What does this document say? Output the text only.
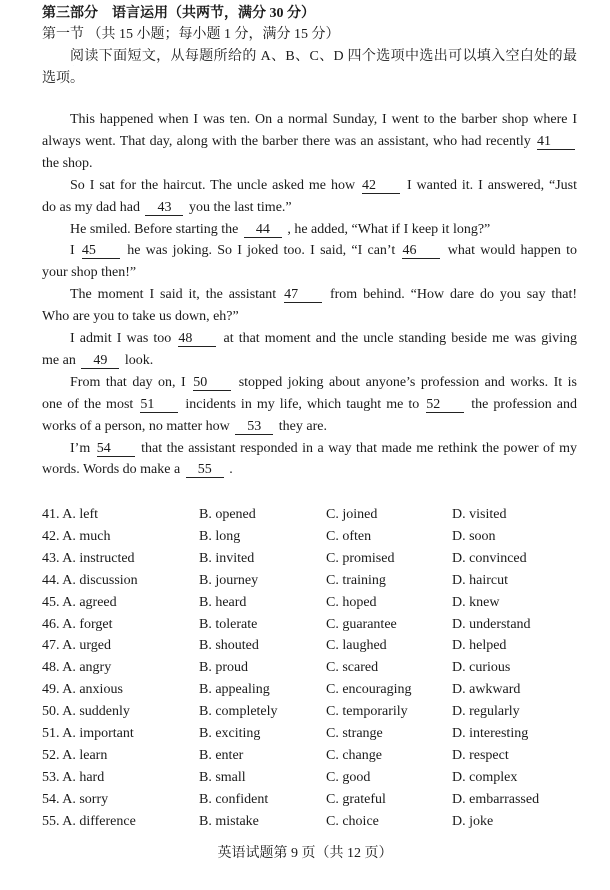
第三部分　语言运用（共两节，满分 30 分）
第一节 （共 15 小题；每小题 1 分，满分 15 分）
阅读下面短文，从每题所给的 A、B、C、D 四个选项中选出可以填入空白处的最
选项。
This happened when I was ten. On a normal Sunday, I went to the barber shop where I
always went. That day, along with the barber there was an assistant, who had recently 41
the shop.
So I sat for the haircut. The uncle asked me how 42 I wanted it. I answered, “Just
do as my dad had 43 you the last time.”
He smiled. Before starting the 44 , he added, “What if I keep it long?”
I 45 he was joking. So I joked too. I said, “I can’t 46 what would happen to
your shop then!”
The moment I said it, the assistant 47 from behind. “How dare do you say that!
Who are you to take us down, eh?”
I admit I was too 48 at that moment and the uncle standing beside me was giving
me an 49 look.
From that day on, I 50 stopped joking about anyone’s profession and works. It is
one of the most 51 incidents in my life, which taught me to 52 the profession and
works of a person, no matter how 53 they are.
I’m 54 that the assistant responded in a way that made me rethink the power of my
words. Words do make a 55 .
41. A. left	B. opened	C. joined	D. visited
42. A. much	B. long	C. often	D. soon
43. A. instructed	B. invited	C. promised	D. convinced
44. A. discussion	B. journey	C. training	D. haircut
45. A. agreed	B. heard	C. hoped	D. knew
46. A. forget	B. tolerate	C. guarantee	D. understand
47. A. urged	B. shouted	C. laughed	D. helped
48. A. angry	B. proud	C. scared	D. curious
49. A. anxious	B. appealing	C. encouraging	D. awkward
50. A. suddenly	B. completely	C. temporarily	D. regularly
51. A. important	B. exciting	C. strange	D. interesting
52. A. learn	B. enter	C. change	D. respect
53. A. hard	B. small	C. good	D. complex
54. A. sorry	B. confident	C. grateful	D. embarrassed
55. A. difference	B. mistake	C. choice	D. joke
英语试题第 9 页（共 12 页）
